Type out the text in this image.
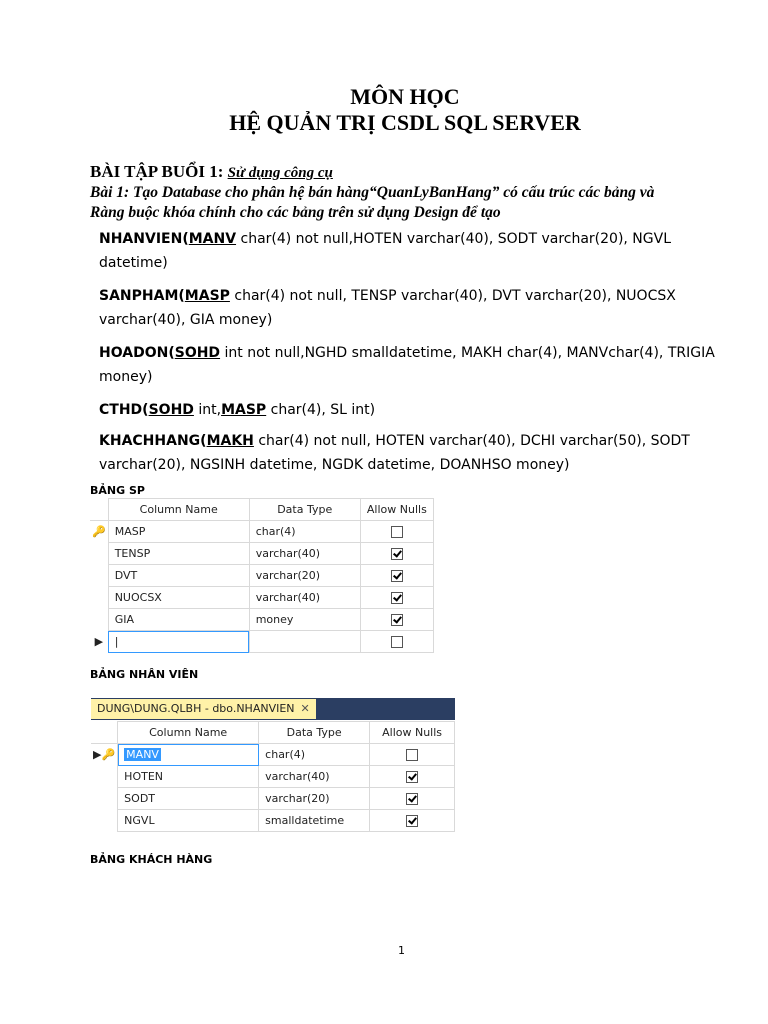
MÔN HỌC
HỆ QUẢN TRỊ CSDL SQL SERVER
BÀI TẬP BUỔI 1: Sử dụng công cụ
Bài 1: Tạo Database cho phân hệ bán hàng“QuanLyBanHang” có cấu trúc các bảng và
Ràng buộc khóa chính cho các bảng trên sử dụng Design để tạo
NHANVIEN(MANV char(4) not null,HOTEN varchar(40), SODT varchar(20), NGVL datetime)
SANPHAM(MASP char(4) not null, TENSP varchar(40), DVT varchar(20), NUOCSX varchar(40), GIA money)
HOADON(SOHD int not null,NGHD smalldatetime, MAKH char(4), MANVchar(4), TRIGIA money)
CTHD(SOHD int,MASP char(4), SL int)
KHACHHANG(MAKH char(4) not null, HOTEN varchar(40), DCHI varchar(50), SODT varchar(20), NGSINH datetime, NGDK datetime, DOANHSO money)
BẢNG SP
	Column Name	Data Type	Allow Nulls
🔑	MASP	char(4)	
	TENSP	varchar(40)	
	DVT	varchar(20)	
	NUOCSX	varchar(40)	
	GIA	money	
▶	|		
BẢNG NHÂN VIÊN
DUNG\DUNG.QLBH - dbo.NHANVIEN ✕
	Column Name	Data Type	Allow Nulls
▶🔑	MANV	char(4)	
	HOTEN	varchar(40)	
	SODT	varchar(20)	
	NGVL	smalldatetime	
BẢNG KHÁCH HÀNG
1
